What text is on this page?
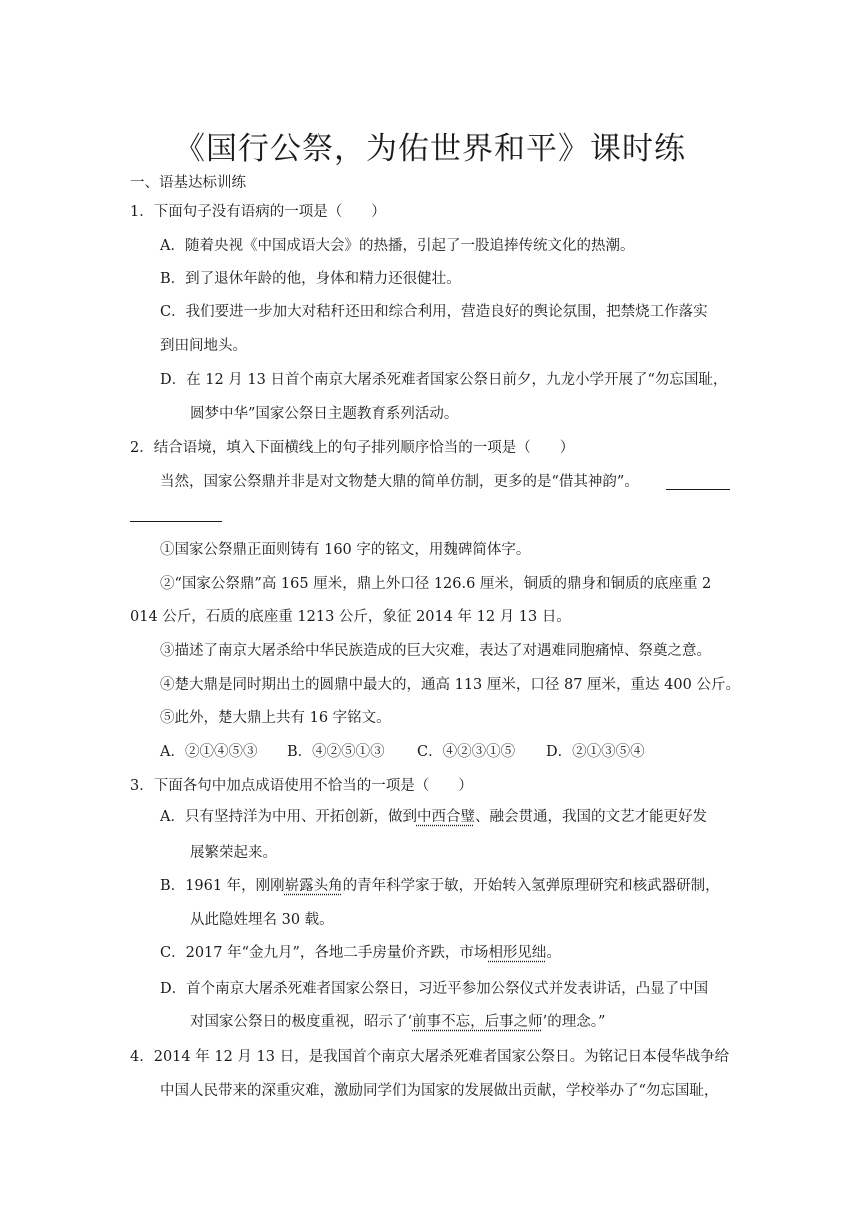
《国行公祭，为佑世界和平》课时练
一、语基达标训练
1．下面句子没有语病的一项是（　　）
A．随着央视《中国成语大会》的热播，引起了一股追捧传统文化的热潮。
B．到了退休年龄的他，身体和精力还很健壮。
C．我们要进一步加大对秸秆还田和综合利用，营造良好的舆论氛围，把禁烧工作落实
到田间地头。
D．在 12 月 13 日首个南京大屠杀死难者国家公祭日前夕，九龙小学开展了“勿忘国耻，
圆梦中华”国家公祭日主题教育系列活动。
2．结合语境，填入下面横线上的句子排列顺序恰当的一项是（　　）
当然，国家公祭鼎并非是对文物楚大鼎的简单仿制，更多的是“借其神韵”。
①国家公祭鼎正面则铸有 160 字的铭文，用魏碑简体字。
②“国家公祭鼎”高 165 厘米，鼎上外口径 126.6 厘米，铜质的鼎身和铜质的底座重 2
014 公斤，石质的底座重 1213 公斤，象征 2014 年 12 月 13 日。
③描述了南京大屠杀给中华民族造成的巨大灾难，表达了对遇难同胞痛悼、祭奠之意。
④楚大鼎是同时期出土的圆鼎中最大的，通高 113 厘米，口径 87 厘米，重达 400 公斤。
⑤此外，楚大鼎上共有 16 字铭文。
A．②①④⑤③ B．④②⑤①③ C．④②③①⑤ D．②①③⑤④
3．下面各句中加点成语使用不恰当的一项是（　　）
A．只有坚持洋为中用、开拓创新，做到中西合璧、融会贯通，我国的文艺才能更好发
展繁荣起来。
B．1961 年，刚刚崭露头角的青年科学家于敏，开始转入氢弹原理研究和核武器研制，
从此隐姓埋名 30 载。
C．2017 年“金九月”，各地二手房量价齐跌，市场相形见绌。
D．首个南京大屠杀死难者国家公祭日，习近平参加公祭仪式并发表讲话，凸显了中国
对国家公祭日的极度重视，昭示了‘前事不忘，后事之师’的理念。”
4．2014 年 12 月 13 日，是我国首个南京大屠杀死难者国家公祭日。为铭记日本侵华战争给
中国人民带来的深重灾难，激励同学们为国家的发展做出贡献，学校举办了“勿忘国耻，
